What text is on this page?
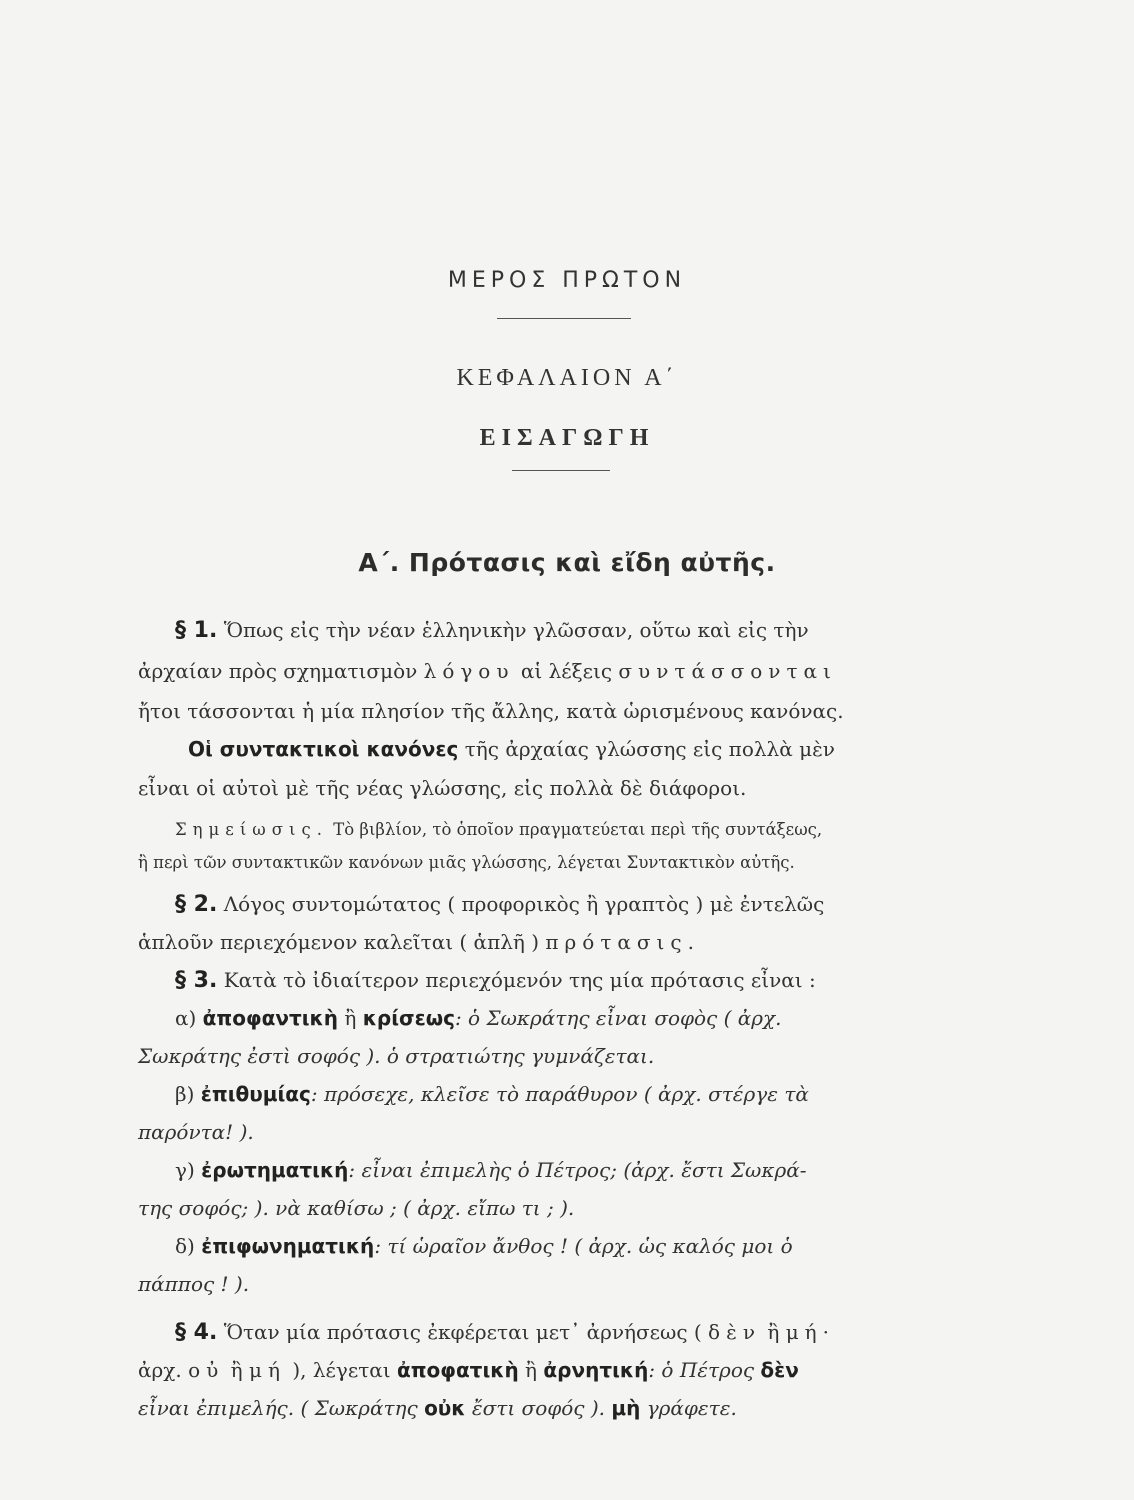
ΜΕΡΟΣ ΠΡΩΤΟΝ
ΚΕΦΑΛΑΙΟΝ Α΄
ΕΙΣΑΓΩΓΗ
Α΄. Πρότασις καὶ εἴδη αὐτῆς.
§ 1. Ὅπως εἰς τὴν νέαν ἑλληνικὴν γλῶσσαν, οὕτω καὶ εἰς τὴν
ἀρχαίαν πρὸς σχηματισμὸν λόγου αἱ λέξεις συντάσσονται
ἤτοι τάσσονται ἡ μία πλησίον τῆς ἄλλης, κατὰ ὡρισμένους κανόνας.
Οἱ συντακτικοὶ κανόνες τῆς ἀρχαίας γλώσσης εἰς πολλὰ μὲν
εἶναι οἱ αὐτοὶ μὲ τῆς νέας γλώσσης, εἰς πολλὰ δὲ διάφοροι.
Σημείωσις. Τὸ βιβλίον, τὸ ὁποῖον πραγματεύεται περὶ τῆς συντάξεως,
ἢ περὶ τῶν συντακτικῶν κανόνων μιᾶς γλώσσης, λέγεται Συντακτικὸν αὐτῆς.
§ 2. Λόγος συντομώτατος ( προφορικὸς ἢ γραπτὸς ) μὲ ἐντελῶς
ἁπλοῦν περιεχόμενον καλεῖται ( ἁπλῆ ) πρότασις.
§ 3. Κατὰ τὸ ἰδιαίτερον περιεχόμενόν της μία πρότασις εἶναι :
α) ἀποφαντικὴ ἢ κρίσεως: ὁ Σωκράτης εἶναι σοφὸς ( ἀρχ.
Σωκράτης ἐστὶ σοφός ). ὁ στρατιώτης γυμνάζεται.
β) ἐπιθυμίας: πρόσεχε, κλεῖσε τὸ παράθυρον ( ἀρχ. στέργε τὰ
παρόντα! ).
γ) ἐρωτηματική: εἶναι ἐπιμελὴς ὁ Πέτρος; (ἀρχ. ἔστι Σωκρά-
της σοφός; ). νὰ καθίσω ; ( ἀρχ. εἴπω τι ; ).
δ) ἐπιφωνηματική: τί ὡραῖον ἄνθος ! ( ἀρχ. ὡς καλός μοι ὁ
πάππος ! ).
§ 4. Ὅταν μία πρότασις ἐκφέρεται μετ᾽ ἀρνήσεως ( δὲν ἢ μή·
ἀρχ. οὐ ἢ μή ), λέγεται ἀποφατικὴ ἢ ἀρνητική: ὁ Πέτρος δὲν
εἶναι ἐπιμελής. ( Σωκράτης οὐκ ἔστι σοφός ). μὴ γράφετε.
